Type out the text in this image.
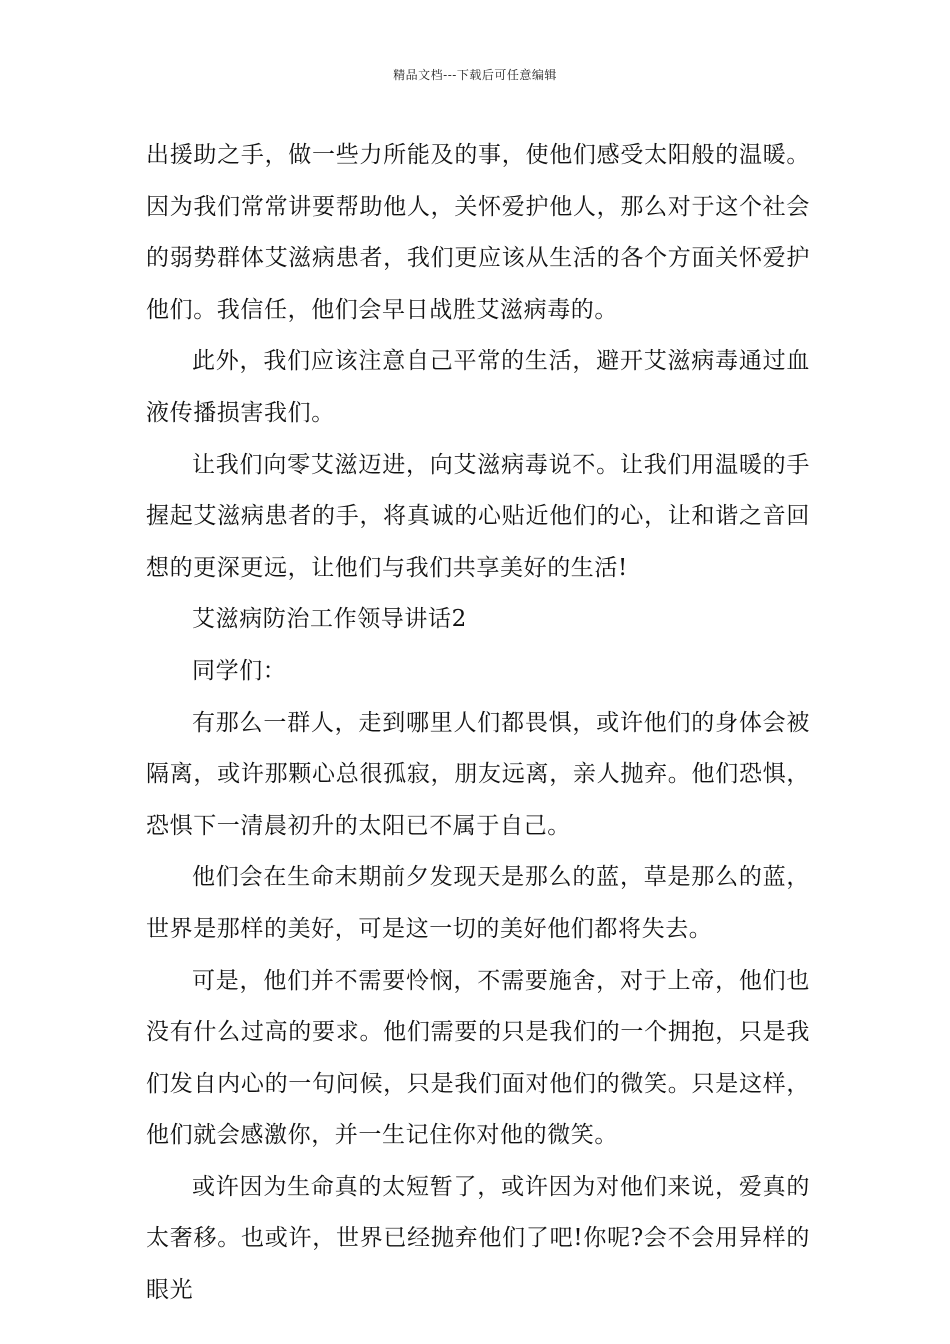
精品文档---下载后可任意编辑

出援助之手，做一些力所能及的事，使他们感受太阳般的温暖。因为我们常常讲要帮助他人，关怀爱护他人，那么对于这个社会的弱势群体艾滋病患者，我们更应该从生活的各个方面关怀爱护他们。我信任，他们会早日战胜艾滋病毒的。

此外，我们应该注意自己平常的生活，避开艾滋病毒通过血液传播损害我们。

让我们向零艾滋迈进，向艾滋病毒说不。让我们用温暖的手握起艾滋病患者的手，将真诚的心贴近他们的心，让和谐之音回想的更深更远，让他们与我们共享美好的生活!

艾滋病防治工作领导讲话2

同学们：

有那么一群人，走到哪里人们都畏惧，或许他们的身体会被隔离，或许那颗心总很孤寂，朋友远离，亲人抛弃。他们恐惧，恐惧下一清晨初升的太阳已不属于自己。

他们会在生命末期前夕发现天是那么的蓝，草是那么的蓝，世界是那样的美好，可是这一切的美好他们都将失去。

可是，他们并不需要怜悯，不需要施舍，对于上帝，他们也没有什么过高的要求。他们需要的只是我们的一个拥抱，只是我们发自内心的一句问候，只是我们面对他们的微笑。只是这样，他们就会感激你，并一生记住你对他的微笑。

或许因为生命真的太短暂了，或许因为对他们来说，爱真的太奢移。也或许，世界已经抛弃他们了吧!你呢?会不会用异样的眼光
